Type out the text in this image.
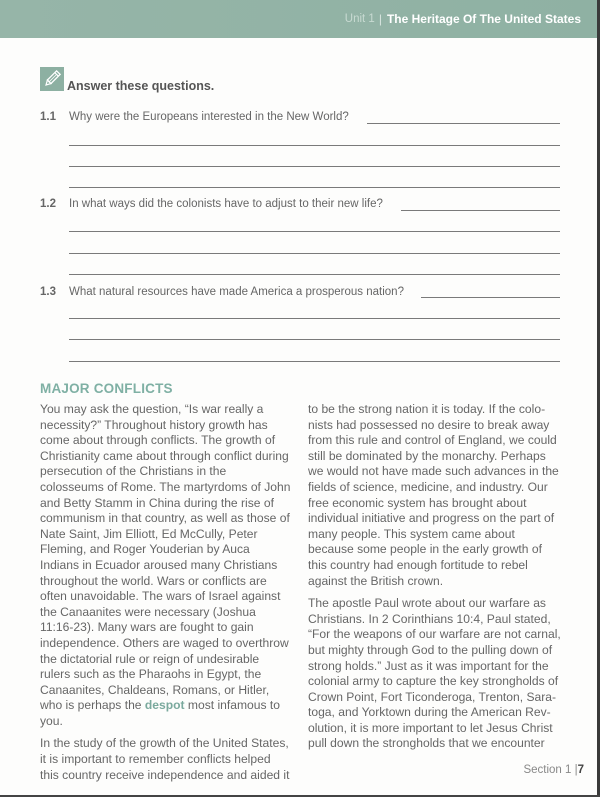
Unit 1 | The Heritage Of The United States
Answer these questions.
1.1 Why were the Europeans interested in the New World?
1.2 In what ways did the colonists have to adjust to their new life?
1.3 What natural resources have made America a prosperous nation?
MAJOR CONFLICTS

You may ask the question, “Is war really a necessity?” Throughout history growth has come about through conflicts. The growth of Christianity came about through conflict during persecution of the Christians in the colosseums of Rome. The martyrdoms of John and Betty Stamm in China during the rise of communism in that country, as well as those of Nate Saint, Jim Elliott, Ed McCully, Peter Fleming, and Roger Youderian by Auca Indians in Ecuador aroused many Christians throughout the world. Wars or conflicts are often unavoidable. The wars of Israel against the Canaanites were necessary (Joshua 11:16-23). Many wars are fought to gain independence. Others are waged to overthrow the dictatorial rule or reign of undesirable rulers such as the Pharaohs in Egypt, the Canaanites, Chaldeans, Romans, or Hitler, who is perhaps the despot most infamous to you.

In the study of the growth of the United States, it is important to remember conflicts helped this country receive independence and aided it

to be the strong nation it is today. If the colonists had possessed no desire to break away from this rule and control of England, we could still be dominated by the monarchy. Perhaps we would not have made such advances in the fields of science, medicine, and industry. Our free economic system has brought about individual initiative and progress on the part of many people. This system came about because some people in the early growth of this country had enough fortitude to rebel against the British crown.

The apostle Paul wrote about our warfare as Christians. In 2 Corinthians 10:4, Paul stated, “For the weapons of our warfare are not carnal, but mighty through God to the pulling down of strong holds.” Just as it was important for the colonial army to capture the key strongholds of Crown Point, Fort Ticonderoga, Trenton, Saratoga, and Yorktown during the American Revolution, it is more important to let Jesus Christ pull down the strongholds that we encounter

Section 1 |7
